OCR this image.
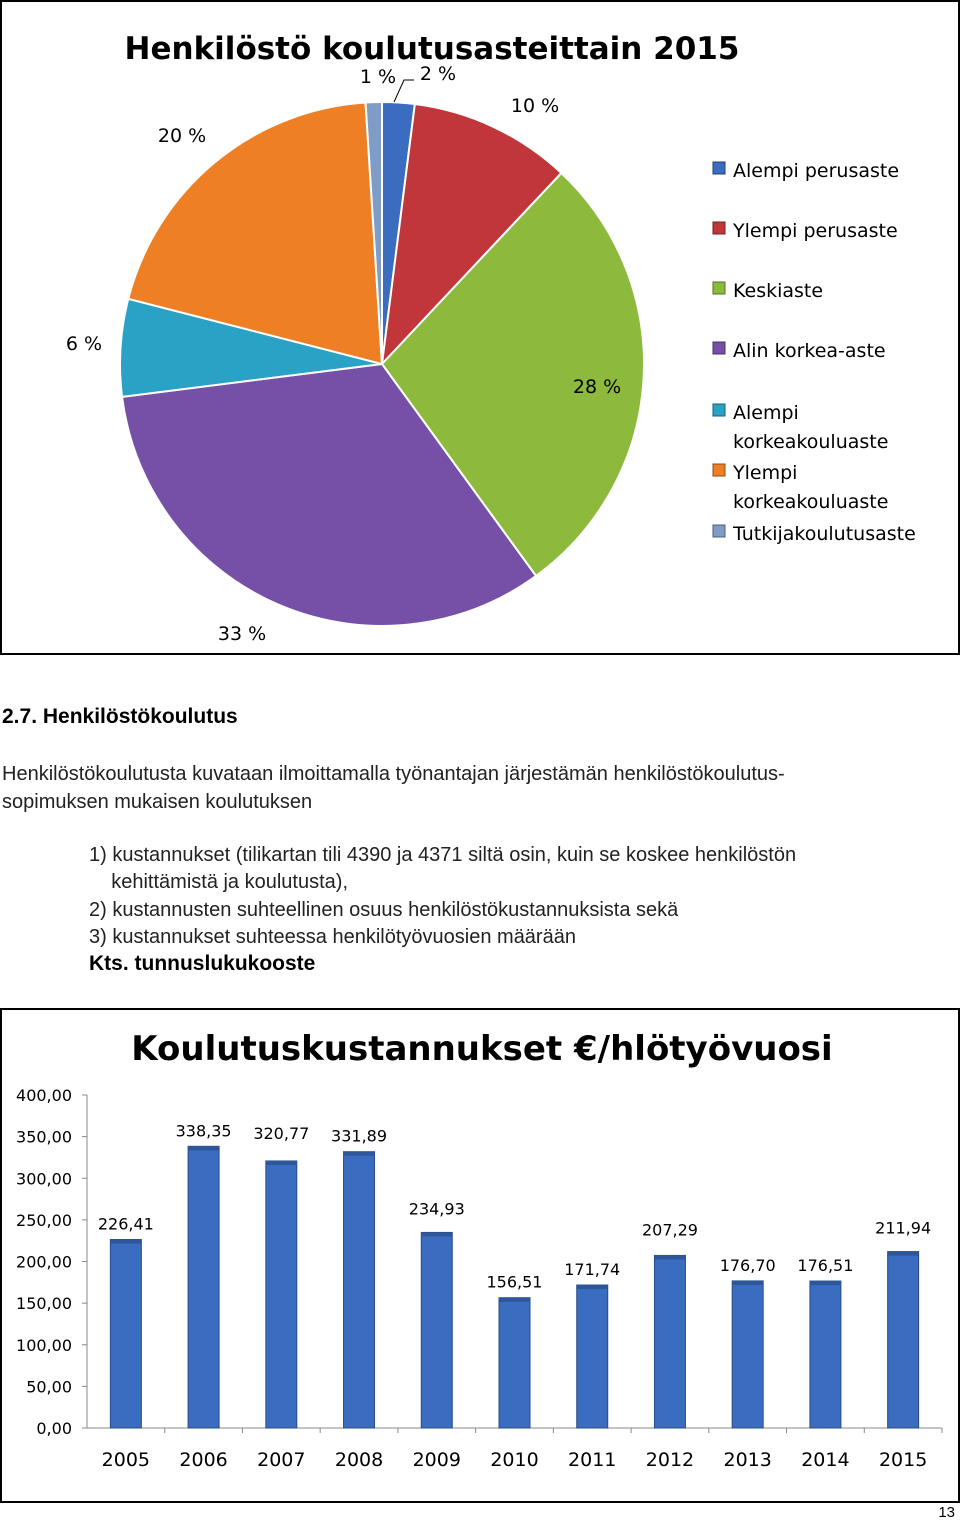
Henkilöstö koulutusasteittain 2015
2 %
10 %
28 %
33 %
6 %
20 %
1 %
Alempi perusaste
Ylempi perusaste
Keskiaste
Alin korkea-aste
Alempi
korkeakouluaste
Ylempi
korkeakouluaste
Tutkijakoulutusaste
2.7. Henkilöstökoulutus
Henkilöstökoulutusta kuvataan ilmoittamalla työnantajan järjestämän henkilöstökoulutus-
sopimuksen mukaisen koulutuksen
1) kustannukset (tilikartan tili 4390 ja 4371 siltä osin, kuin se koskee henkilöstön
kehittämistä ja koulutusta),
2) kustannusten suhteellinen osuus henkilöstökustannuksista sekä
3) kustannukset suhteessa henkilötyövuosien määrään
Kts. tunnuslukukooste
Koulutuskustannukset €/hlötyövuosi
0,00
50,00
100,00
150,00
200,00
250,00
300,00
350,00
400,00
2005 2006 2007 2008 2009 2010 2011 2012 2013 2014 2015
226,41
338,35 320,77 331,89
234,93
156,51
171,74
207,29
176,70 176,51
211,94
13
